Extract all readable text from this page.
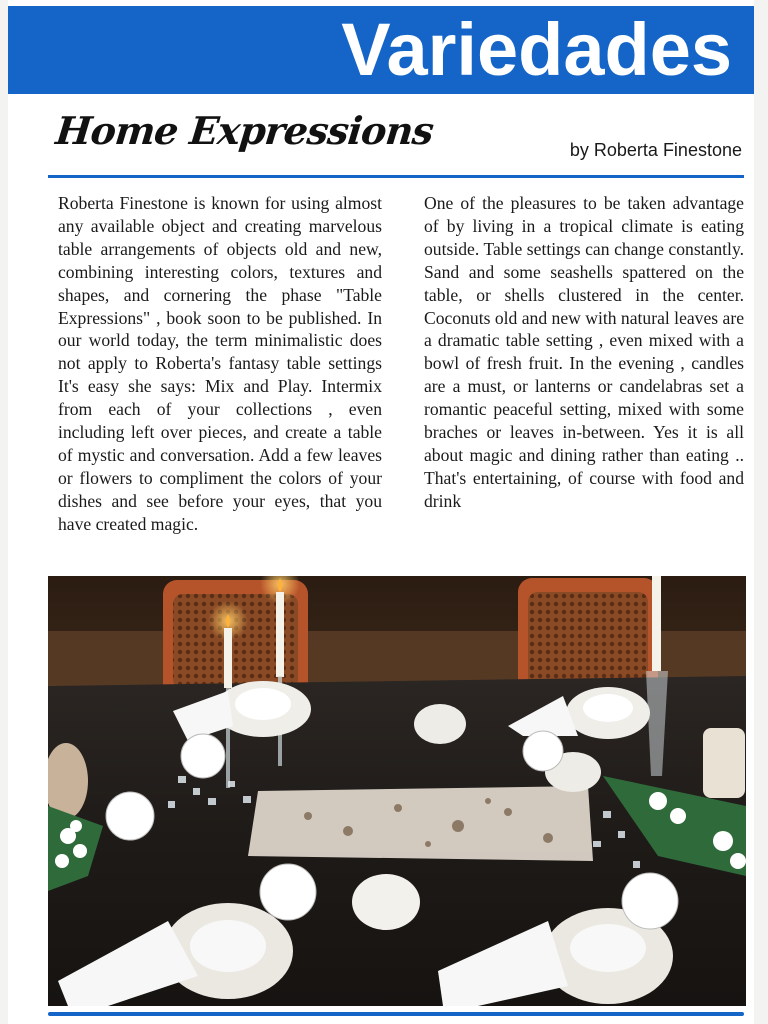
Variedades
Home Expressions	by Roberta Finestone
Roberta Finestone is known for using almost any available object and creating marvelous table arrangements of objects old and new, combining interesting colors, textures and shapes, and cornering the phase "Table Expressions" , book soon to be published. In our world today, the term minimalistic does not apply to Roberta's fantasy table settings It's easy she says: Mix and Play. Intermix from each of your collections , even including left over pieces, and create a table of mystic and conversation. Add a few leaves or flowers to compliment the colors of your dishes and see before your eyes, that you have created magic.
One of the pleasures to be taken advantage of by living in a tropical climate is eating outside. Table settings can change constantly. Sand and some seashells spattered on the table, or shells clustered in the center. Coconuts old and new with natural leaves are a dramatic table setting , even mixed with a bowl of fresh fruit. In the evening , candles are a must, or lanterns or candelabras set a romantic peaceful setting, mixed with some braches or leaves in-between. Yes it is all about magic and dining rather than eating .. That's entertaining, of course with food and drink
